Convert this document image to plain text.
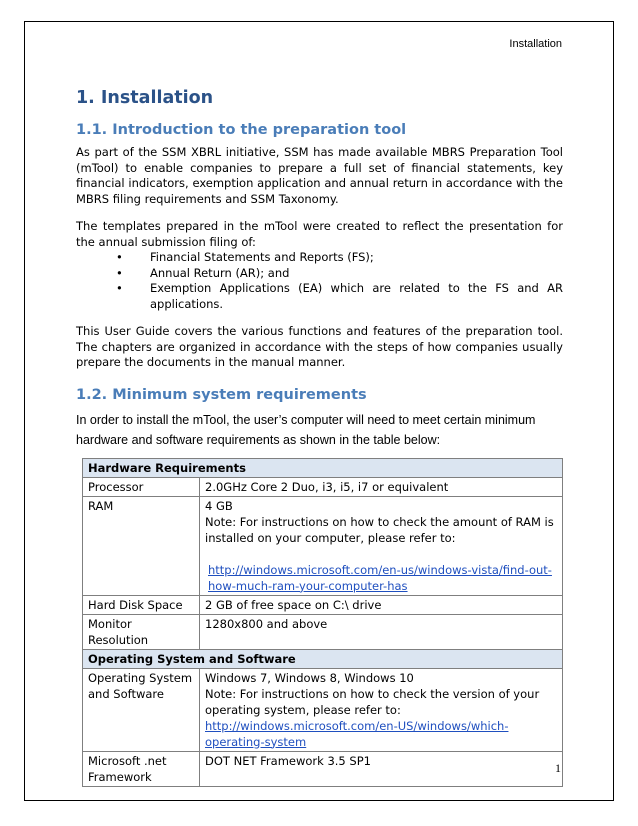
Installation
1. Installation
1.1. Introduction to the preparation tool

As part of the SSM XBRL initiative, SSM has made available MBRS Preparation Tool (mTool) to enable companies to prepare a full set of financial statements, key financial indicators, exemption application and annual return in accordance with the MBRS filing requirements and SSM Taxonomy.

The templates prepared in the mTool were created to reflect the presentation for the annual submission filing of:

• Financial Statements and Reports (FS);
• Annual Return (AR); and
• Exemption Applications (EA) which are related to the FS and AR applications.

This User Guide covers the various functions and features of the preparation tool. The chapters are organized in accordance with the steps of how companies usually prepare the documents in the manual manner.

1.2. Minimum system requirements

In order to install the mTool, the user’s computer will need to meet certain minimum hardware and software requirements as shown in the table below:

Hardware Requirements	
Processor	2.0GHz Core 2 Duo, i3, i5, i7 or equivalent
RAM	4 GB
Note: For instructions on how to check the amount of RAM is installed on your computer, please refer to:
http://windows.microsoft.com/en-us/windows-vista/find-out-how-much-ram-your-computer-has

Hard Disk Space	2 GB of free space on C:\ drive
Monitor Resolution	1280x800 and above
Operating System and Software	
Operating System and Software	Windows 7, Windows 8, Windows 10
Note: For instructions on how to check the version of your operating system, please refer to:
http://windows.microsoft.com/en-US/windows/which-operating-system

Microsoft .net Framework	DOT NET Framework 3.5 SP1
1
